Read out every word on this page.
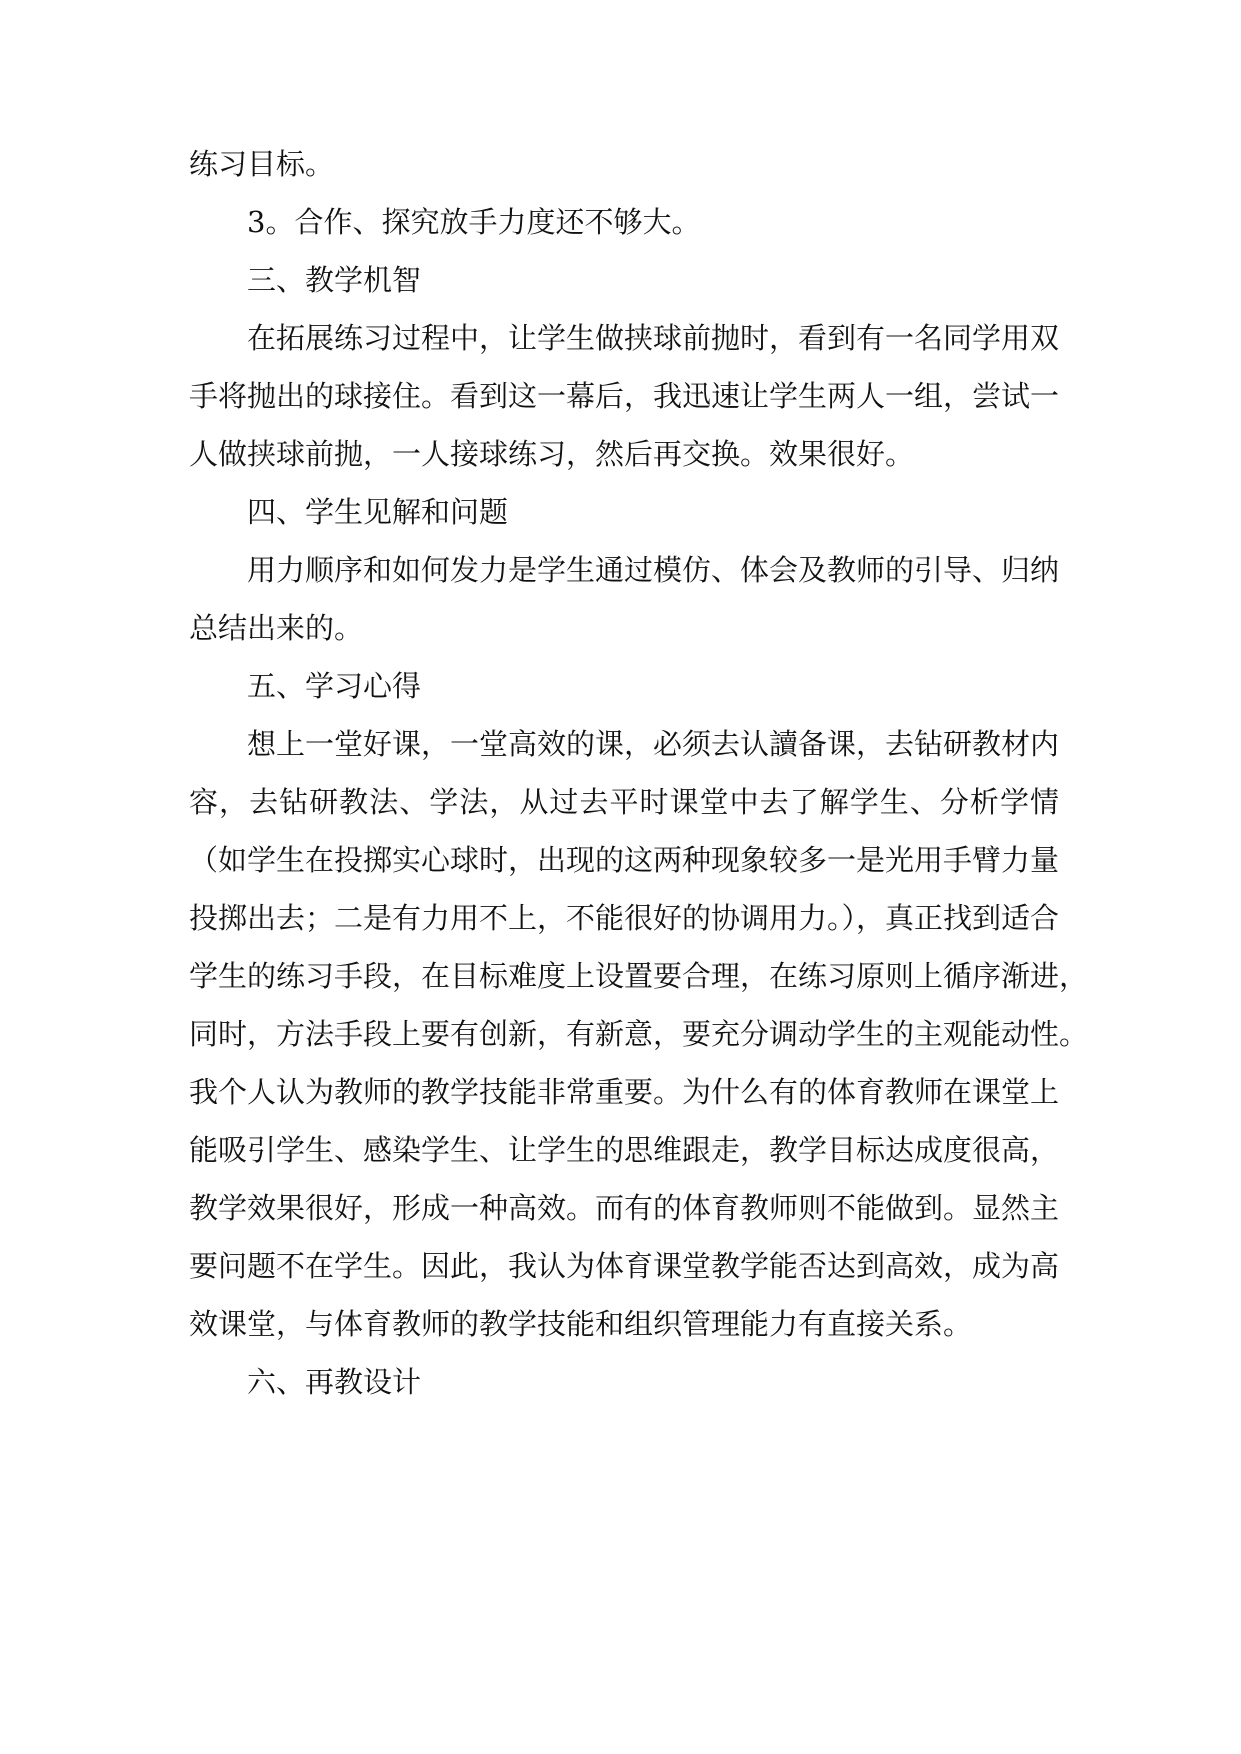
练习目标。
3。合作、探究放手力度还不够大。
三、教学机智
在拓展练习过程中，让学生做挟球前抛时，看到有一名同学用双
手将抛出的球接住。看到这一幕后，我迅速让学生两人一组，尝试一
人做挟球前抛，一人接球练习，然后再交换。效果很好。
四、学生见解和问题
用力顺序和如何发力是学生通过模仿、体会及教师的引导、归纳
总结出来的。
五、学习心得
想上一堂好课，一堂高效的课，必须去认讀备课，去钻研教材内
容，去钻研教法、学法，从过去平时课堂中去了解学生、分析学情
（如学生在投掷实心球时，出现的这两种现象较多一是光用手臂力量
投掷出去；二是有力用不上，不能很好的协调用力。），真正找到适合
学生的练习手段，在目标难度上设置要合理，在练习原则上循序渐进，
同时，方法手段上要有创新，有新意，要充分调动学生的主观能动性。
我个人认为教师的教学技能非常重要。为什么有的体育教师在课堂上
能吸引学生、感染学生、让学生的思维跟走，教学目标达成度很高，
教学效果很好，形成一种高效。而有的体育教师则不能做到。显然主
要问题不在学生。因此，我认为体育课堂教学能否达到高效，成为高
效课堂，与体育教师的教学技能和组织管理能力有直接关系。
六、再教设计
